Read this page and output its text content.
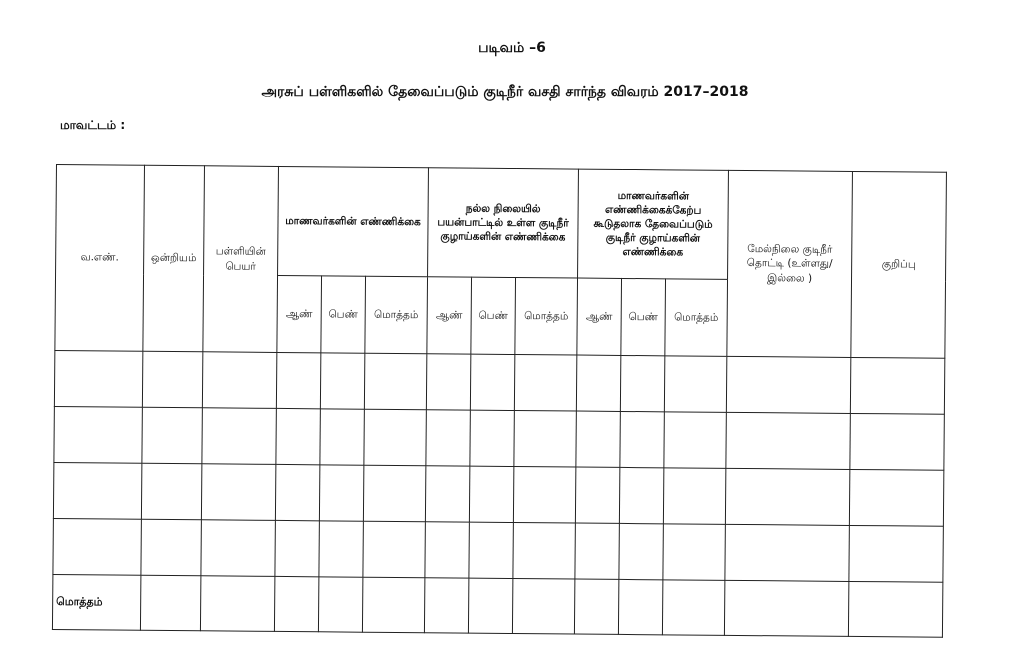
படிவம் –6
அரசுப் பள்ளிகளில் தேவைப்படும் குடிநீர் வசதி சார்ந்த விவரம் 2017–2018
மாவட்டம் :
வ.எண்.	ஒன்றியம்	பள்ளியின் பெயர்	மாணவர்களின் எண்ணிக்கை			நல்ல நிலையில் பயன்பாட்டில் உள்ள குடிநீர் குழாய்களின் எண்ணிக்கை			மாணவர்களின் எண்ணிக்கைக்கேற்ப கூடுதலாக தேவைப்படும் குடிநீர் குழாய்களின் எண்ணிக்கை			மேல்நிலை குடிநீர் தொட்டி (உள்ளது/ இல்லை )	குறிப்பு
			ஆண்	பெண்	மொத்தம்	ஆண்	பெண்	மொத்தம்	ஆண்	பெண்	மொத்தம்		

மொத்தம்													
